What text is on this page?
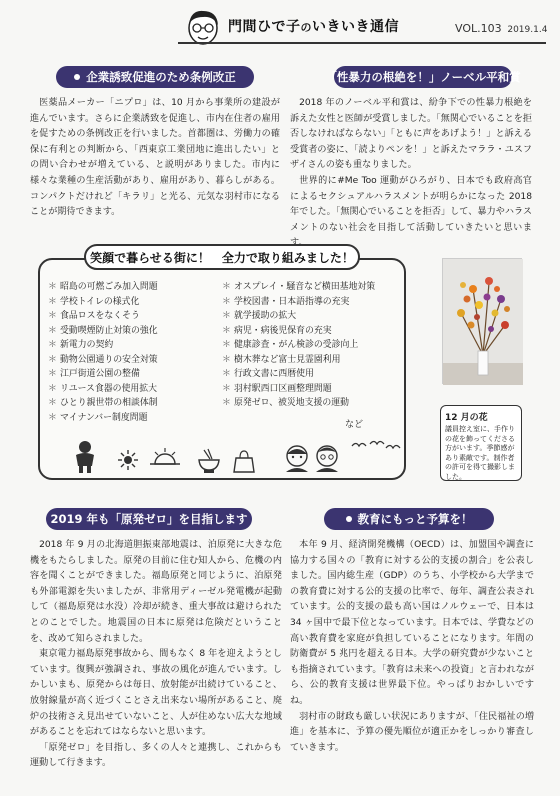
門間ひで子のいきいき通信	VOL.103 2019.1.4
企業誘致促進のため条例改正

医薬品メーカー「ニプロ」は、10 月から事業所の建設が進んでいます。さらに企業誘致を促進し、市内在住者の雇用を促すための条例改正を行いました。首都圏は、労働力の確保に有利との判断から、「西東京工業団地に進出したい」との問い合わせが増えている、と説明がありました。市内に様々な業種の生産活動があり、雇用があり、暮らしがある。コンパクトだけれど「キラリ」と光る、元気な羽村市になることが期待できます。

「性暴力の根絶を！」ノーベル平和賞

2018 年のノーベル平和賞は、紛争下での性暴力根絶を訴えた女性と医師が受賞しました。「無関心でいることを拒否しなければならない」「ともに声をあげよう！」と訴える受賞者の姿に、「読よりペンを！」と訴えたマララ・ユスフザイさんの姿も重なりました。

世界的に#Me Too 運動がひろがり、日本でも政府高官によるセクシュアルハラスメントが明らかになった 2018 年でした。「無関心でいることを拒否」して、暴力やハラスメントのない社会を目指して活動していきたいと思いま

笑顔で暮らせる街に！　全力で取り組みました！
＊ 昭島の可燃ごみ加入問題
＊ 学校トイレの様式化
＊ 食品ロスをなくそう
＊ 受動喫煙防止対策の強化
＊ 新電力の契約
＊ 動物公園通りの安全対策
＊ 江戸街道公園の整備
＊ リユース食器の使用拡大
＊ ひとり親世帯の相談体制
＊ マイナンバー制度問題
＊ オスプレイ・騒音など横田基地対策
＊ 学校図書・日本語指導の充実
＊ 就学援助の拡大
＊ 病児・病後児保育の充実
＊ 健康診査・がん検診の受診向上
＊ 樹木葬など富士見霊園利用
＊ 行政文書に西暦使用
＊ 羽村駅西口区画整理問題
＊ 原発ゼロ、被災地支援の運動
など
12 月の花
議員控え室に、手作りの花を飾ってくださる方がいます。季節感があり素敵です。制作者の許可を得て撮影しました。
2019 年も「原発ゼロ」を目指します

2018 年 9 月の北海道胆振東部地震は、泊原発に大きな危機をもたらしました。原発の目前に住む知人から、危機の内容を聞くことができました。福島原発と同じように、泊原発も外部電源を失いましたが、非常用ディーゼル発電機が起動して（福島原発は水没）冷却が続き、重大事故は避けられたとのことでした。地震国の日本に原発は危険だということを、改めて知らされました。

東京電力福島原発事故から、間もなく 8 年を迎えようとしています。復興が強調され、事故の風化が進んでいます。しかしいまも、原発からは毎日、放射能が出続けていること、放射線量が高く近づくことさえ出来ない場所があること、廃炉の技術さえ見出せていないこと、人が住めない広大な地域があることを忘れてはならないと思います。

「原発ゼロ」を目指し、多くの人々と連携し、これからも運動して行きます。

教育にもっと予算を！

本年 9 月、経済開発機構（OECD）は、加盟国や調査に協力する国々の「教育に対する公的支援の割合」を公表しました。国内総生産（GDP）のうち、小学校から大学までの教育費に対する公的支援の比率で、毎年、調査公表されています。公的支援の最も高い国はノルウェーで、日本は 34 ヶ国中で最下位となっています。日本では、学費などの高い教育費を家庭が負担していることになります。年間の防衛費が 5 兆円を超える日本。大学の研究費が少ないことも指摘されています。「教育は未来への投資」と言われながら、公的教育支援は世界最下位。やっぱりおかしいですね。

羽村市の財政も厳しい状況にありますが、「住民福祉の増進」を基本に、予算の優先順位が適正かをしっかり審査していきます。
